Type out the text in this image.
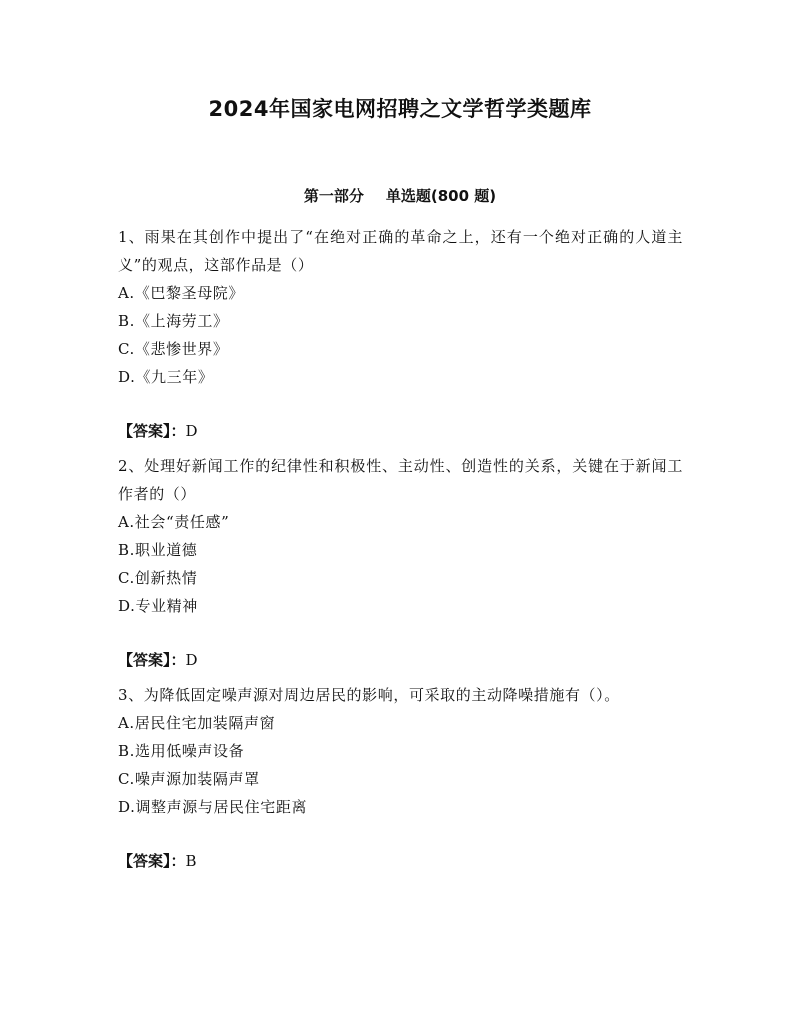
2024年国家电网招聘之文学哲学类题库
第一部分 单选题(800 题)
1、雨果在其创作中提出了“在绝对正确的革命之上，还有一个绝对正确的人道主义”的观点，这部作品是（）
A.《巴黎圣母院》
B.《上海劳工》
C.《悲惨世界》
D.《九三年》
【答案】：D
2、处理好新闻工作的纪律性和积极性、主动性、创造性的关系，关键在于新闻工作者的（）
A.社会“责任感”
B.职业道德
C.创新热情
D.专业精神
【答案】：D
3、为降低固定噪声源对周边居民的影响，可采取的主动降噪措施有（）。
A.居民住宅加装隔声窗
B.选用低噪声设备
C.噪声源加装隔声罩
D.调整声源与居民住宅距离
【答案】：B
